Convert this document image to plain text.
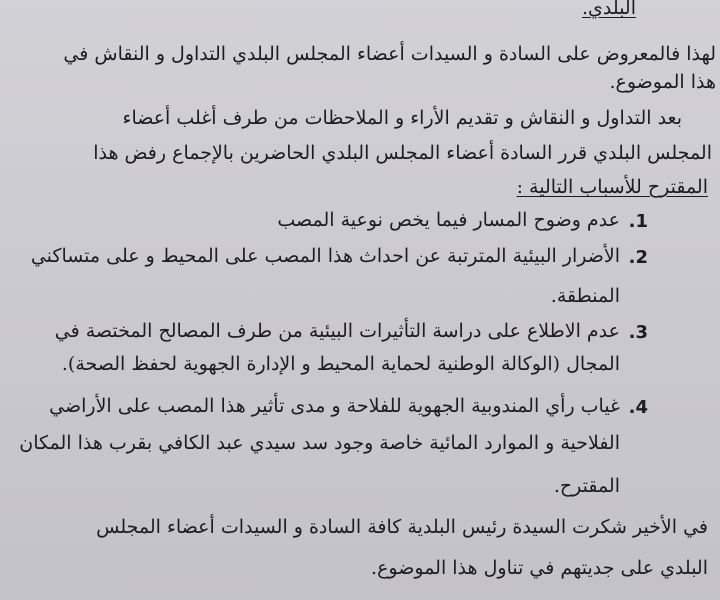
البلدي.
لهذا فالمعروض على السادة و السيدات أعضاء المجلس البلدي التداول و النقاش في
هذا الموضوع.
بعد التداول و النقاش و تقديم الأراء و الملاحظات من طرف أغلب أعضاء
المجلس البلدي قرر السادة أعضاء المجلس البلدي الحاضرين بالإجماع رفض هذا
المقترح للأسباب التالية :
1.
عدم وضوح المسار فيما يخص نوعية المصب
2.
الأضرار البيئية المترتبة عن احداث هذا المصب على المحيط و على متساكني
المنطقة.
3.
عدم الاطلاع على دراسة التأثيرات البيئية من طرف المصالح المختصة في
المجال (الوكالة الوطنية لحماية المحيط و الإدارة الجهوية لحفظ الصحة).
4.
غياب رأي المندوبية الجهوية للفلاحة و مدى تأثير هذا المصب على الأراضي
الفلاحية و الموارد المائية خاصة وجود سد سيدي عبد الكافي بقرب هذا المكان
المقترح.
في الأخير شكرت السيدة رئيس البلدية كافة السادة و السيدات أعضاء المجلس
البلدي على جديتهم في تناول هذا الموضوع.
